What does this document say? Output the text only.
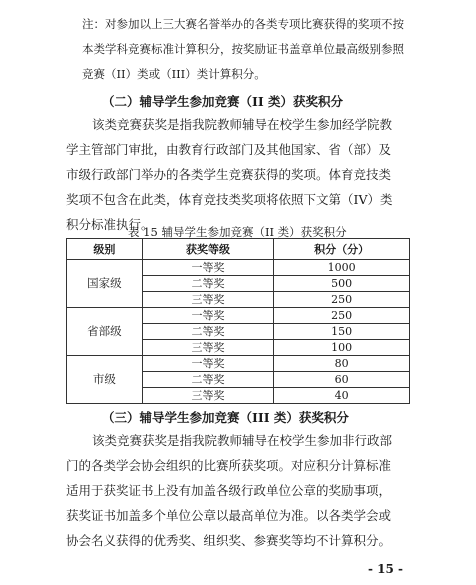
注：对参加以上三大赛名誉举办的各类专项比赛获得的奖项不按
本类学科竞赛标准计算积分，按奖励证书盖章单位最高级别参照
竞赛（II）类或（III）类计算积分。
（二）辅导学生参加竞赛（II 类）获奖积分
该类竞赛获奖是指我院教师辅导在校学生参加经学院教
学主管部门审批，由教育行政部门及其他国家、省（部）及
市级行政部门举办的各类学生竞赛获得的奖项。体育竞技类
奖项不包含在此类，体育竞技类奖项将依照下文第（IV）类
积分标准执行。

表 15 辅导学生参加竞赛（II 类）获奖积分

级别	获奖等级	积分（分）
国家级	一等奖	1000
	二等奖	500
	三等奖	250
省部级	一等奖	250
	二等奖	150
	三等奖	100
市级	一等奖	80
	二等奖	60
	三等奖	40
（三）辅导学生参加竞赛（III 类）获奖积分
该类竞赛获奖是指我院教师辅导在校学生参加非行政部
门的各类学会协会组织的比赛所获奖项。对应积分计算标准
适用于获奖证书上没有加盖各级行政单位公章的奖励事项，
获奖证书加盖多个单位公章以最高单位为准。以各类学会或
协会名义获得的优秀奖、组织奖、参赛奖等均不计算积分。
- 15 -
